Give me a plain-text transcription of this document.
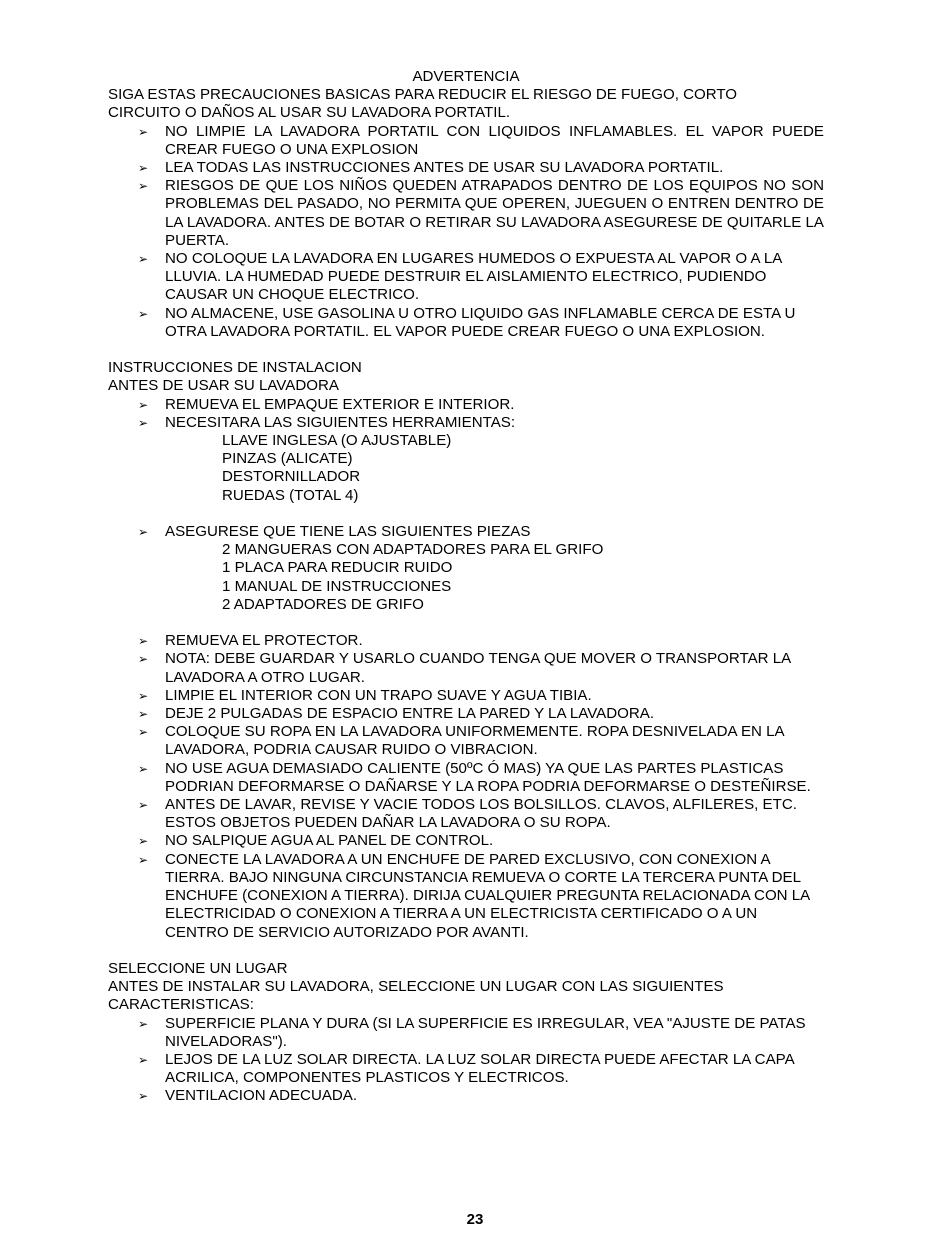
ADVERTENCIA
SIGA ESTAS PRECAUCIONES BASICAS PARA REDUCIR EL RIESGO DE FUEGO, CORTO
CIRCUITO O DAÑOS AL USAR SU LAVADORA PORTATIL.
➢ NO LIMPIE LA LAVADORA PORTATIL CON LIQUIDOS INFLAMABLES. EL VAPOR PUEDE CREAR FUEGO O UNA EXPLOSION
➢ LEA TODAS LAS INSTRUCCIONES ANTES DE USAR SU LAVADORA PORTATIL.
➢ RIESGOS DE QUE LOS NIÑOS QUEDEN ATRAPADOS DENTRO DE LOS EQUIPOS NO SON PROBLEMAS DEL PASADO, NO PERMITA QUE OPEREN, JUEGUEN O ENTREN DENTRO DE LA LAVADORA. ANTES DE BOTAR O RETIRAR SU LAVADORA ASEGURESE DE QUITARLE LA PUERTA.
➢ NO COLOQUE LA LAVADORA EN LUGARES HUMEDOS O EXPUESTA AL VAPOR O A LA LLUVIA. LA HUMEDAD PUEDE DESTRUIR EL AISLAMIENTO ELECTRICO, PUDIENDO CAUSAR UN CHOQUE ELECTRICO.
➢ NO ALMACENE, USE GASOLINA U OTRO LIQUIDO GAS INFLAMABLE CERCA DE ESTA U OTRA LAVADORA PORTATIL. EL VAPOR PUEDE CREAR FUEGO O UNA EXPLOSION.
INSTRUCCIONES DE INSTALACION
ANTES DE USAR SU LAVADORA
➢ REMUEVA EL EMPAQUE EXTERIOR E INTERIOR.
➢ NECESITARA LAS SIGUIENTES HERRAMIENTAS:
LLAVE INGLESA (O AJUSTABLE)
PINZAS (ALICATE)
DESTORNILLADOR
RUEDAS (TOTAL 4)
➢ ASEGURESE QUE TIENE LAS SIGUIENTES PIEZAS
2 MANGUERAS CON ADAPTADORES PARA EL GRIFO
1 PLACA PARA REDUCIR RUIDO
1 MANUAL DE INSTRUCCIONES
2 ADAPTADORES DE GRIFO
➢ REMUEVA EL PROTECTOR.
➢ NOTA: DEBE GUARDAR Y USARLO CUANDO TENGA QUE MOVER O TRANSPORTAR LA LAVADORA A OTRO LUGAR.
➢ LIMPIE EL INTERIOR CON UN TRAPO SUAVE Y AGUA TIBIA.
➢ DEJE 2 PULGADAS DE ESPACIO ENTRE LA PARED Y LA LAVADORA.
➢ COLOQUE SU ROPA EN LA LAVADORA UNIFORMEMENTE. ROPA DESNIVELADA EN LA LAVADORA, PODRIA CAUSAR RUIDO O VIBRACION.
➢ NO USE AGUA DEMASIADO CALIENTE (50ºC Ó MAS) YA QUE LAS PARTES PLASTICAS PODRIAN DEFORMARSE O DAÑARSE Y LA ROPA PODRIA DEFORMARSE O DESTEÑIRSE.
➢ ANTES DE LAVAR, REVISE Y VACIE TODOS LOS BOLSILLOS. CLAVOS, ALFILERES, ETC. ESTOS OBJETOS PUEDEN DAÑAR LA LAVADORA O SU ROPA.
➢ NO SALPIQUE AGUA AL PANEL DE CONTROL.
➢ CONECTE LA LAVADORA A UN ENCHUFE DE PARED EXCLUSIVO, CON CONEXION A TIERRA. BAJO NINGUNA CIRCUNSTANCIA REMUEVA O CORTE LA TERCERA PUNTA DEL ENCHUFE (CONEXION A TIERRA). DIRIJA CUALQUIER PREGUNTA RELACIONADA CON LA ELECTRICIDAD O CONEXION A TIERRA A UN ELECTRICISTA CERTIFICADO O A UN CENTRO DE SERVICIO AUTORIZADO POR AVANTI.
SELECCIONE UN LUGAR
ANTES DE INSTALAR SU LAVADORA, SELECCIONE UN LUGAR CON LAS SIGUIENTES
CARACTERISTICAS:
➢ SUPERFICIE PLANA Y DURA (SI LA SUPERFICIE ES IRREGULAR, VEA "AJUSTE DE PATAS NIVELADORAS").
➢ LEJOS DE LA LUZ SOLAR DIRECTA. LA LUZ SOLAR DIRECTA PUEDE AFECTAR LA CAPA ACRILICA, COMPONENTES PLASTICOS Y ELECTRICOS.
➢ VENTILACION ADECUADA.
23
